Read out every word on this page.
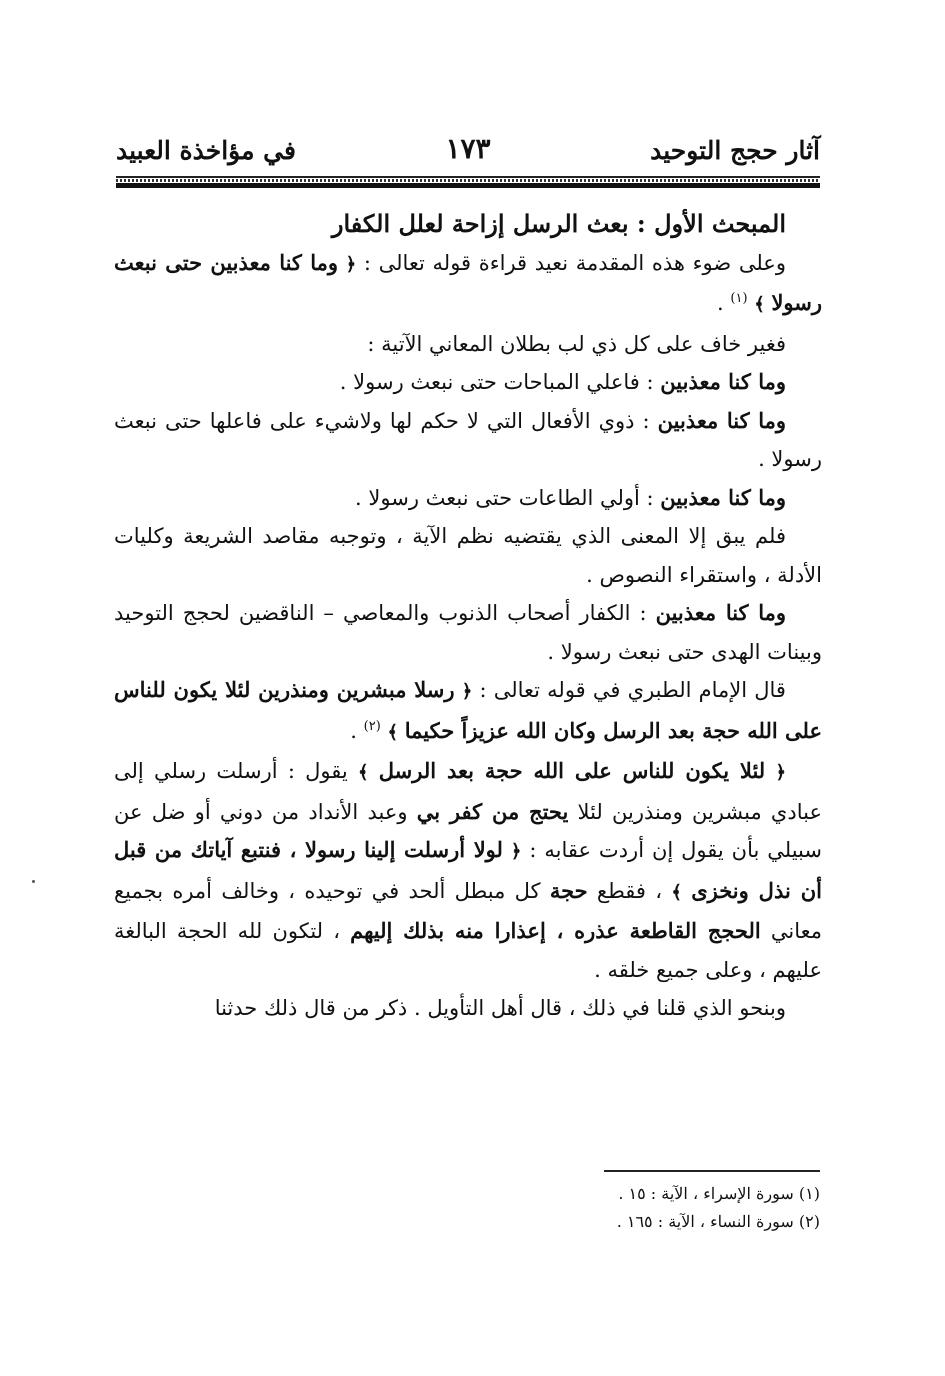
آثار حجج التوحيد
١٧٣
في مؤاخذة العبيد

المبحث الأول : بعث الرسل إزاحة لعلل الكفار

وعلى ضوء هذه المقدمة نعيد قراءة قوله تعالى : ﴿ وما كنا معذبين حتى نبعث رسولا ﴾ $^{(١)}$ .

فغير خاف على كل ذي لب بطلان المعاني الآتية :

وما كنا معذبين : فاعلي المباحات حتى نبعث رسولا .

وما كنا معذبين : ذوي الأفعال التي لا حكم لها ولاشيء على فاعلها حتى نبعث رسولا .

وما كنا معذبين : أولي الطاعات حتى نبعث رسولا .

فلم يبق إلا المعنى الذي يقتضيه نظم الآية ، وتوجبه مقاصد الشريعة وكليات الأدلة ، واستقراء النصوص .

وما كنا معذبين : الكفار أصحاب الذنوب والمعاصي – الناقضين لحجج التوحيد وبينات الهدى حتى نبعث رسولا .

قال الإمام الطبري في قوله تعالى : ﴿ رسلا مبشرين ومنذرين لئلا يكون للناس على الله حجة بعد الرسل وكان الله عزيزاً حكيما ﴾ $^{(٢)}$ .

﴿ لئلا يكون للناس على الله حجة بعد الرسل ﴾ يقول : أرسلت رسلي إلى عبادي مبشرين ومنذرين لئلا يحتج من كفر بي وعبد الأنداد من دوني أو ضل عن سبيلي بأن يقول إن أردت عقابه : ﴿ لولا أرسلت إلينا رسولا ، فنتبع آياتك من قبل أن نذل ونخزى ﴾ ، فقطع حجة كل مبطل ألحد في توحيده ، وخالف أمره بجميع معاني الحجج القاطعة عذره ، إعذارا منه بذلك إليهم ، لتكون لله الحجة البالغة عليهم ، وعلى جميع خلقه .

وبنحو الذي قلنا في ذلك ، قال أهل التأويل . ذكر من قال ذلك حدثنا

(١) سورة الإسراء ، الآية : ١٥ .

(٢) سورة النساء ، الآية : ١٦٥ .
